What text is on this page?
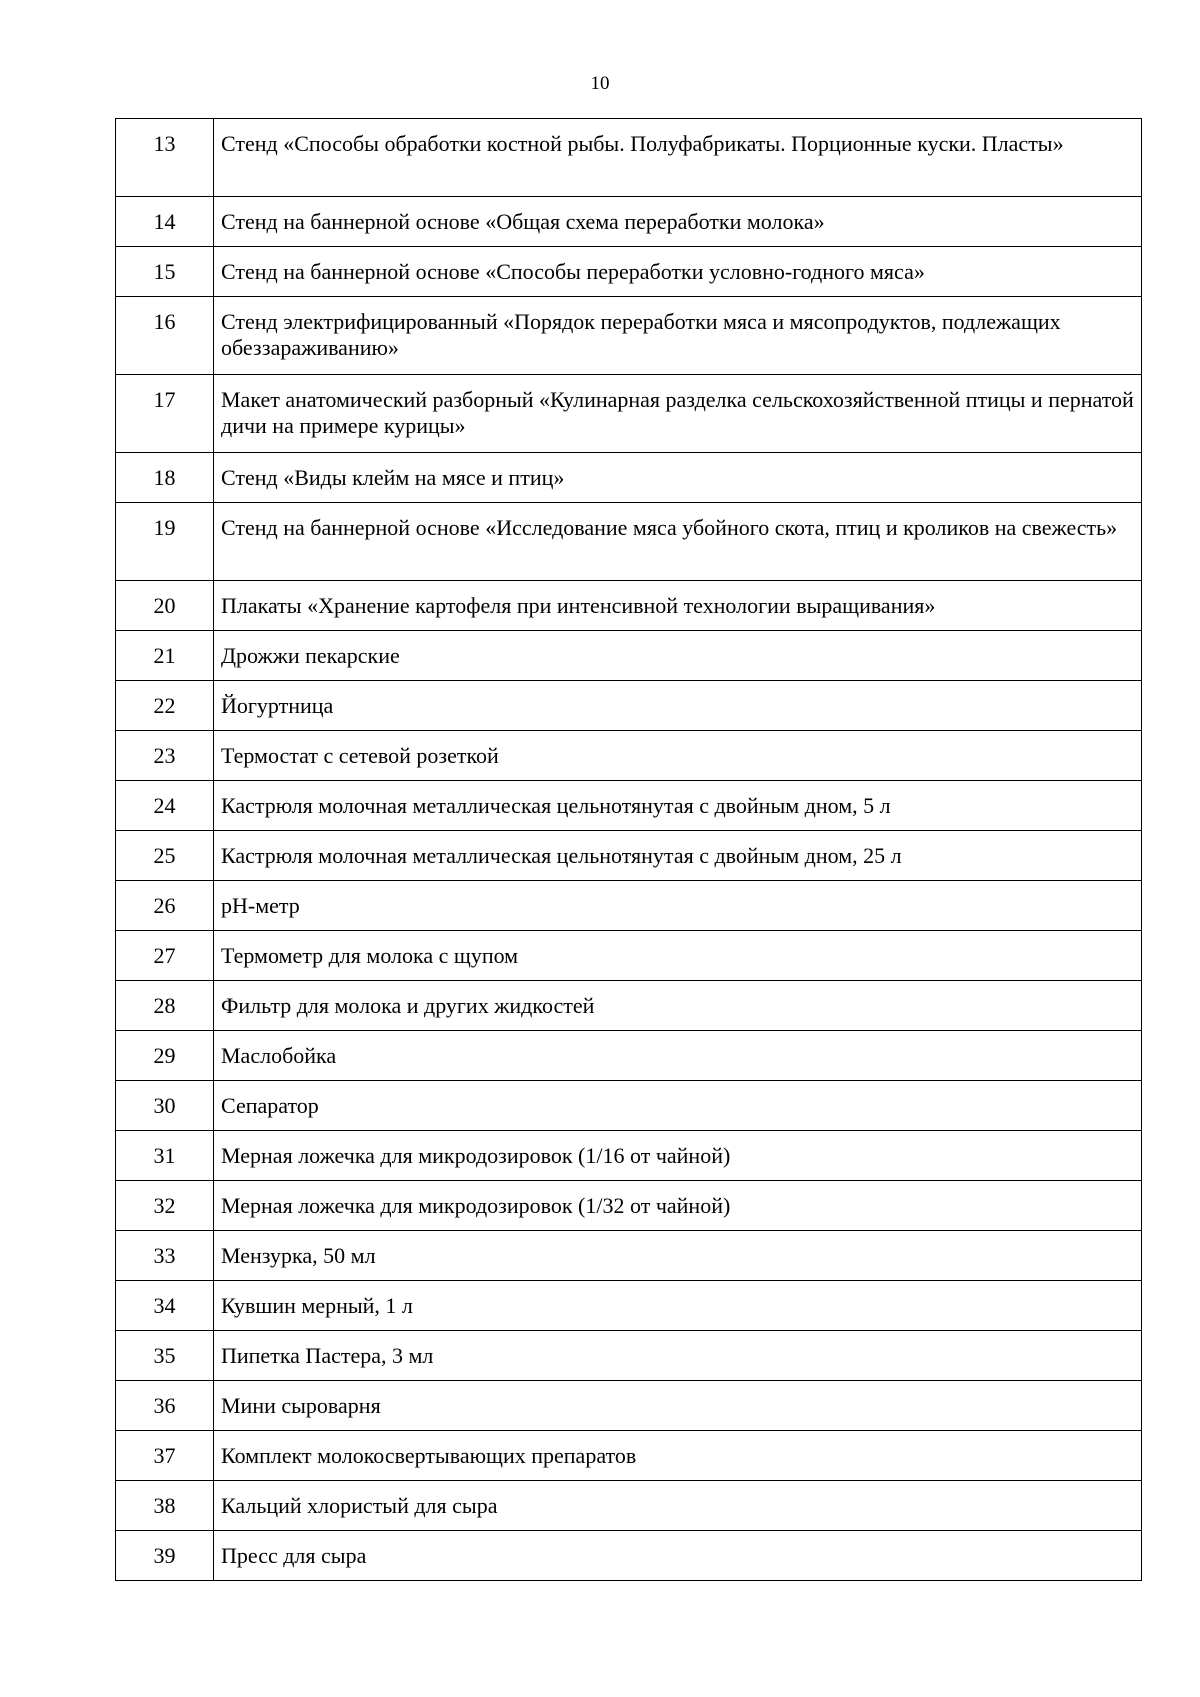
10
13	Стенд «Способы обработки костной рыбы. Полуфабрикаты. Порционные куски. Пласты»
14	Стенд на баннерной основе «Общая схема переработки молока»
15	Стенд на баннерной основе «Способы переработки условно-годного мяса»
16	Стенд электрифицированный «Порядок переработки мяса и мясопродуктов, подлежащих обеззараживанию»
17	Макет анатомический разборный «Кулинарная разделка сельскохозяйственной птицы и пернатой дичи на примере курицы»
18	Стенд «Виды клейм на мясе и птиц»
19	Стенд на баннерной основе «Исследование мяса убойного скота, птиц и кроликов на свежесть»
20	Плакаты «Хранение картофеля при интенсивной технологии выращивания»
21	Дрожжи пекарские
22	Йогуртница
23	Термостат с сетевой розеткой
24	Кастрюля молочная металлическая цельнотянутая с двойным дном, 5 л
25	Кастрюля молочная металлическая цельнотянутая с двойным дном, 25 л
26	pH-метр
27	Термометр для молока с щупом
28	Фильтр для молока и других жидкостей
29	Маслобойка
30	Сепаратор
31	Мерная ложечка для микродозировок (1/16 от чайной)
32	Мерная ложечка для микродозировок (1/32 от чайной)
33	Мензурка, 50 мл
34	Кувшин мерный, 1 л
35	Пипетка Пастера, 3 мл
36	Мини сыроварня
37	Комплект молокосвертывающих препаратов
38	Кальций хлористый для сыра
39	Пресс для сыра
